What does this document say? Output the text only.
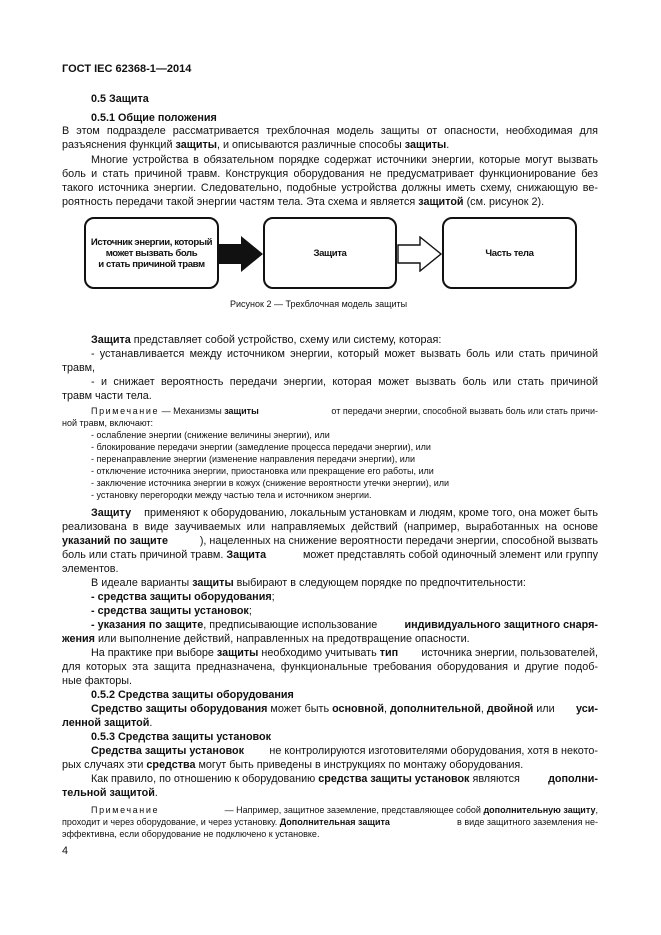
ГОСТ IEC 62368-1—2014
0.5 Защита
0.5.1 Общие положения
В этом подразделе рассматривается трехблочная модель защиты от опасности, необходимая для
разъяснения функций защиты, и описываются различные способы защиты.
Многие устройства в обязательном порядке содержат источники энергии, которые могут вызвать
боль и стать причиной травм. Конструкция оборудования не предусматривает функционирование без
такого источника энергии. Следовательно, подобные устройства должны иметь схему, снижающую ве-
роятность передачи такой энергии частям тела. Эта схема и является защитой (см. рисунок 2).
Источник энергии, который
может вызвать боль
и стать причиной травм
Защита	Часть тела
Рисунок 2 — Трехблочная модель защиты
Защита представляет собой устройство, схему или систему, которая:
- устанавливается между источником энергии, который может вызвать боль или стать причиной
травм,
- и снижает вероятность передачи энергии, которая может вызвать боль или стать причиной
травм части тела.
Примечание — Механизмы защиты	от передачи энергии, способной вызвать боль или стать причи-
ной травм, включают:
- ослабление энергии (снижение величины энергии), или
- блокирование передачи энергии (замедление процесса передачи энергии), или
- перенаправление энергии (изменение направления передачи энергии), или
- отключение источника энергии, приостановка или прекращение его работы, или
- заключение источника энергии в кожух (снижение вероятности утечки энергии), или
- установку перегородки между частью тела и источником энергии.
Защиту применяют к оборудованию, локальным установкам и людям, кроме того, она может быть
реализована в виде заучиваемых или направляемых действий (например, выработанных на основе
указаний по защите	), нацеленных на снижение вероятности передачи энергии, способной вызвать
боль или стать причиной травм. Защита	может представлять собой одиночный элемент или группу
элементов.
В идеале варианты защиты выбирают в следующем порядке по предпочтительности:
- средства защиты оборудования;
- средства защиты установок;
- указания по защите, предписывающие использование	индивидуального защитного снаря-
жения или выполнение действий, направленных на предотвращение опасности.
На практике при выборе защиты необходимо учитывать тип источника энергии, пользователей,
для которых эта защита предназначена, функциональные требования оборудования и другие подоб-
ные факторы.
0.5.2 Средства защиты оборудования
Средство защиты оборудования может быть основной, дополнительной, двойной или уси-
ленной защитой.
0.5.3 Средства защиты установок
Средства защиты установок не контролируются изготовителями оборудования, хотя в некото-
рых случаях эти средства могут быть приведены в инструкциях по монтажу оборудования.
Как правило, по отношению к оборудованию средства защиты установок являются	дополни-
тельной защитой.
Примечание	— Например, защитное заземление, представляющее собой дополнительную защиту,
проходит и через оборудование, и через установку. Дополнительная защита	в виде защитного заземления не-
эффективна, если оборудование не подключено к установке.
4
